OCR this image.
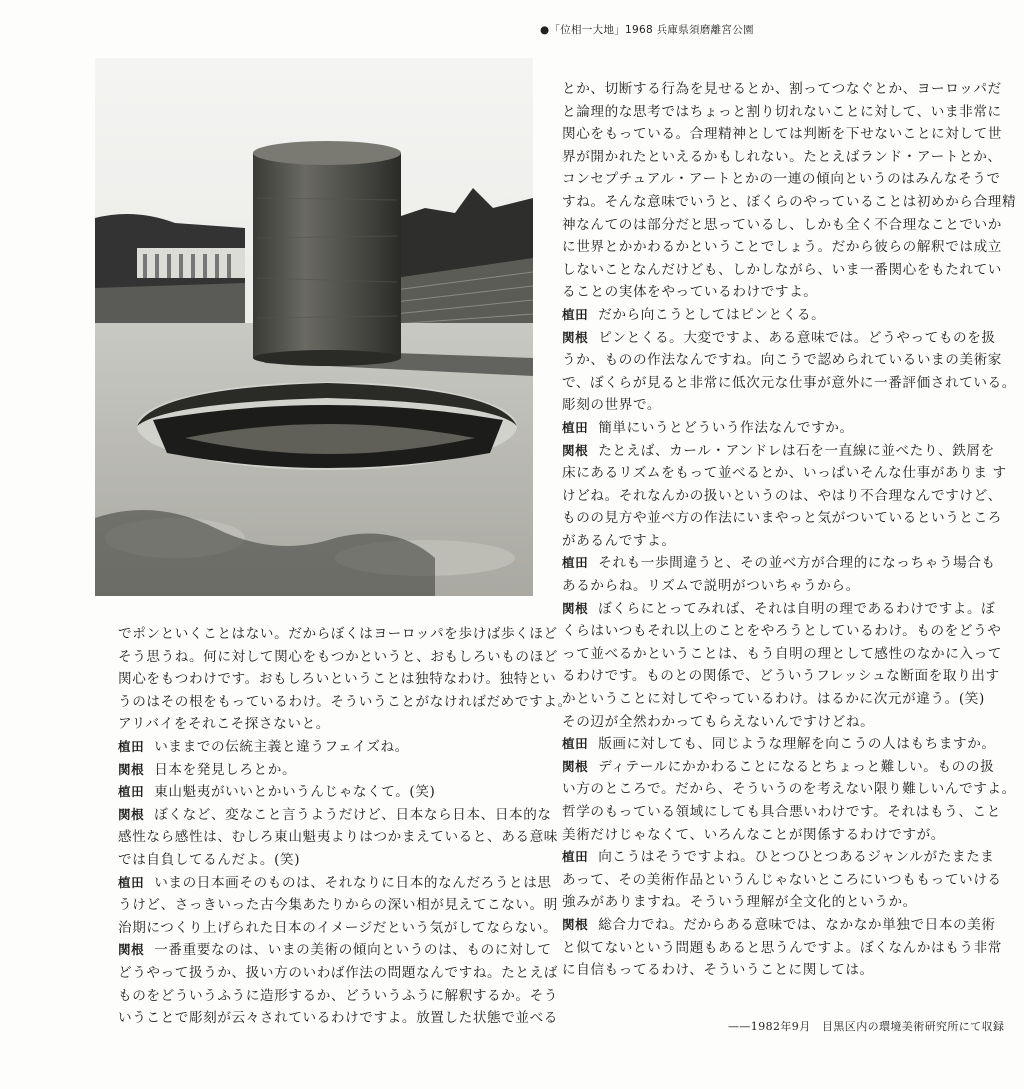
●「位相一大地」1968 兵庫県須磨離宮公園

でポンといくことはない。だからぼくはヨーロッパを歩けば歩くほど
そう思うね。何に対して関心をもつかというと、おもしろいものほど
関心をもつわけです。おもしろいということは独特なわけ。独特とい
うのはその根をもっているわけ。そういうことがなければだめですよ。
アリバイをそれこそ探さないと。

植田 いままでの伝統主義と違うフェイズね。

関根 日本を発見しろとか。

植田 東山魁夷がいいとかいうんじゃなくて。(笑)

関根 ぼくなど、変なこと言うようだけど、日本なら日本、日本的な
感性なら感性は、むしろ東山魁夷よりはつかまえていると、ある意味
では自負してるんだよ。(笑)

植田 いまの日本画そのものは、それなりに日本的なんだろうとは思
うけど、さっきいった古今集あたりからの深い相が見えてこない。明
治期につくり上げられた日本のイメージだという気がしてならない。

関根 一番重要なのは、いまの美術の傾向というのは、ものに対して
どうやって扱うか、扱い方のいわば作法の問題なんですね。たとえば
ものをどういうふうに造形するか、どういうふうに解釈するか。そう
いうことで彫刻が云々されているわけですよ。放置した状態で並べる

とか、切断する行為を見せるとか、割ってつなぐとか、ヨーロッパだ
と論理的な思考ではちょっと割り切れないことに対して、いま非常に
関心をもっている。合理精神としては判断を下せないことに対して世
界が開かれたといえるかもしれない。たとえばランド・アートとか、
コンセプチュアル・アートとかの一連の傾向というのはみんなそうで
すね。そんな意味でいうと、ぼくらのやっていることは初めから合理精
神なんてのは部分だと思っているし、しかも全く不合理なことでいか
に世界とかかわるかということでしょう。だから彼らの解釈では成立
しないことなんだけども、しかしながら、いま一番関心をもたれてい
ることの実体をやっているわけですよ。

植田 だから向こうとしてはピンとくる。

関根 ピンとくる。大変ですよ、ある意味では。どうやってものを扱
うか、ものの作法なんですね。向こうで認められているいまの美術家
で、ぼくらが見ると非常に低次元な仕事が意外に一番評価されている。
彫刻の世界で。

植田 簡単にいうとどういう作法なんですか。

関根 たとえば、カール・アンドレは石を一直線に並べたり、鉄屑を
床にあるリズムをもって並べるとか、いっぱいそんな仕事がありま す
けどね。それなんかの扱いというのは、やはり不合理なんですけど、
ものの見方や並べ方の作法にいまやっと気がついているというところ
があるんですよ。

植田 それも一歩間違うと、その並べ方が合理的になっちゃう場合も
あるからね。リズムで説明がついちゃうから。

関根 ぼくらにとってみれば、それは自明の理であるわけですよ。ぼ
くらはいつもそれ以上のことをやろうとしているわけ。ものをどうや
って並べるかということは、もう自明の理として感性のなかに入って
るわけです。ものとの関係で、どういうフレッシュな断面を取り出す
かということに対してやっているわけ。はるかに次元が違う。(笑)
その辺が全然わかってもらえないんですけどね。

植田 版画に対しても、同じような理解を向こうの人はもちますか。

関根 ディテールにかかわることになるとちょっと難しい。ものの扱
い方のところで。だから、そういうのを考えない限り難しいんですよ。
哲学のもっている領域にしても具合悪いわけです。それはもう、こと
美術だけじゃなくて、いろんなことが関係するわけですが。

植田 向こうはそうですよね。ひとつひとつあるジャンルがたまたま
あって、その美術作品というんじゃないところにいつももっていける
強みがありますね。そういう理解が全文化的というか。

関根 総合力でね。だからある意味では、なかなか単独で日本の美術
と似てないという問題もあると思うんですよ。ぼくなんかはもう非常
に自信もってるわけ、そういうことに関しては。

——1982年9月　目黒区内の環境美術研究所にて収録
